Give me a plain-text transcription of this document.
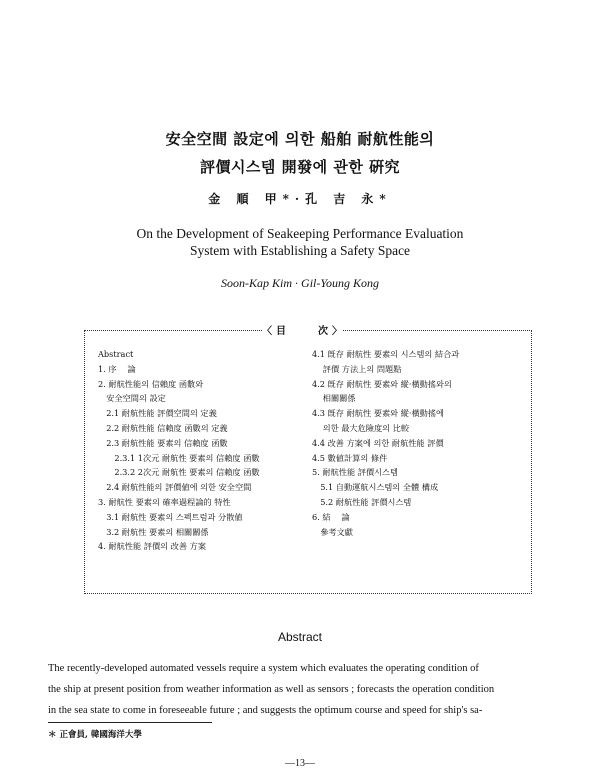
安全空間 設定에 의한 船舶 耐航性能의
評價시스템 開發에 관한 硏究
金 順 甲*·孔 吉 永*
On the Development of Seakeeping Performance Evaluation
System with Establishing a Safety Space
Soon-Kap Kim · Gil-Young Kong
〈目　　次〉
Abstract
1. 序　 論
2. 耐航性能의 信賴度 函數와
　安全空間의 設定
　2.1 耐航性能 評價空間의 定義
　2.2 耐航性能 信賴度 函數의 定義
　2.3 耐航性能 要素의 信賴度 函數
　　2.3.1 1次元 耐航性 要素의 信賴度 函數
　　2.3.2 2次元 耐航性 要素의 信賴度 函數
　2.4 耐航性能의 評價値에 의한 安全空間
3. 耐航性 要素의 確率過程論的 特性
　3.1 耐航性 要素의 스펙트럼과 分散値
　3.2 耐航性 要素의 相關關係
4. 耐航性能 評價의 改善 方案
4.1 旣存 耐航性 要素의 시스템의 結合과
　 評價 方法上의 問題點
4.2 旣存 耐航性 要素와 縱·橫動搖와의
　 相關關係
4.3 旣存 耐航性 要素와 縱·橫動搖에
　 의한 最大危險度의 比較
4.4 改善 方案에 의한 耐航性能 評價
4.5 數値計算의 條件
5. 耐航性能 評價시스템
　5.1 自動運航시스템의 全體 構成
　5.2 耐航性能 評價시스템
6. 結　 論
　參考文獻
Abstract
The recently-developed automated vessels require a system which evaluates the operating condition of
the ship at present position from weather information as well as sensors ; forecasts the operation condition
in the sea state to come in foreseeable future ; and suggests the optimum course and speed for ship's sa-
＊ 正會員, 韓國海洋大學
—13—
